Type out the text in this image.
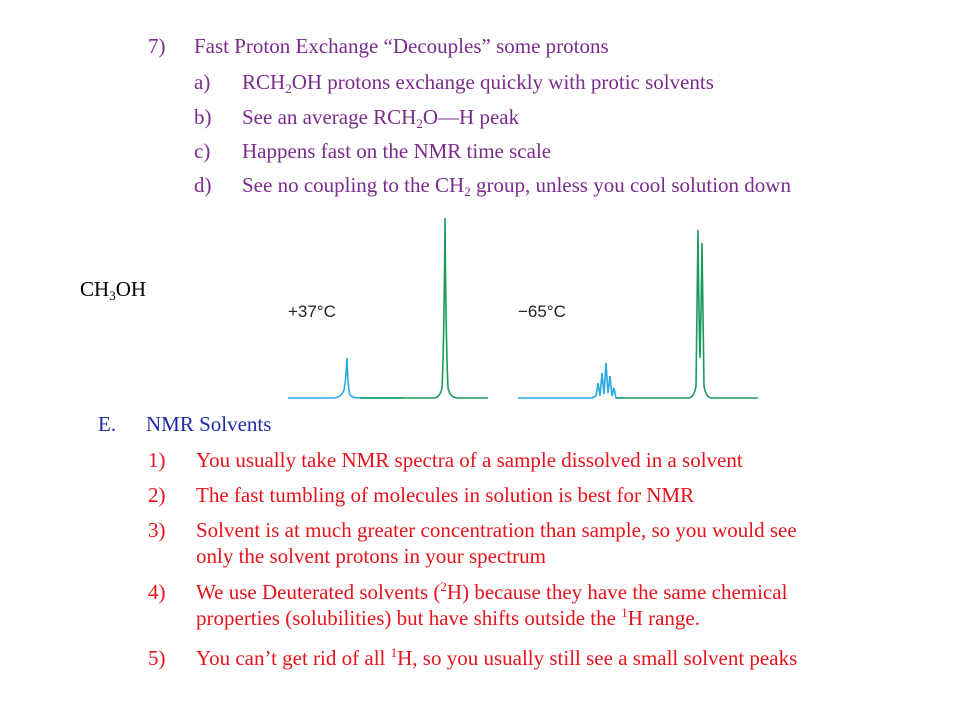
7) Fast Proton Exchange “Decouples” some protons
a) $RCH_2OH$ protons exchange quickly with protic solvents
b) See an average $RCH_2O—H$ peak
c) Happens fast on the NMR time scale
d) See no coupling to the $CH_2$ group, unless you cool solution down
$CH_3OH$
+37°C	−65°C
E. NMR Solvents
1) You usually take NMR spectra of a sample dissolved in a solvent
2) The fast tumbling of molecules in solution is best for NMR
3) Solvent is at much greater concentration than sample, so you would see
only the solvent protons in your spectrum
4) We use Deuterated solvents ($^2$H) because they have the same chemical
properties (solubilities) but have shifts outside the $^1$H range.
5) You can’t get rid of all $^1$H, so you usually still see a small solvent peaks
